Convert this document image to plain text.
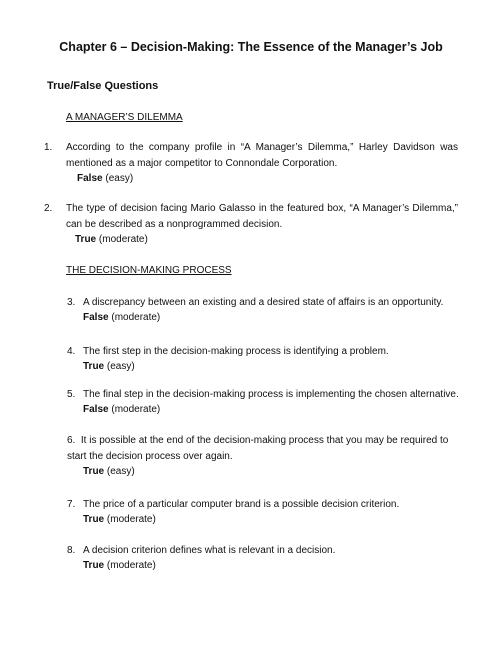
Chapter 6 – Decision-Making: The Essence of the Manager’s Job
True/False Questions
A MANAGER’S DILEMMA
1. According to the company profile in “A Manager’s Dilemma,” Harley Davidson was mentioned as a major competitor to Connondale Corporation.
False (easy)
2. The type of decision facing Mario Galasso in the featured box, “A Manager’s Dilemma,” can be described as a nonprogrammed decision.
True (moderate)
THE DECISION-MAKING PROCESS
3. A discrepancy between an existing and a desired state of affairs is an opportunity.
False (moderate)
4. The first step in the decision-making process is identifying a problem.
True (easy)
5. The final step in the decision-making process is implementing the chosen alternative.
False (moderate)
6. It is possible at the end of the decision-making process that you may be required to start the decision process over again.
True (easy)
7. The price of a particular computer brand is a possible decision criterion.
True (moderate)
8. A decision criterion defines what is relevant in a decision.
True (moderate)
